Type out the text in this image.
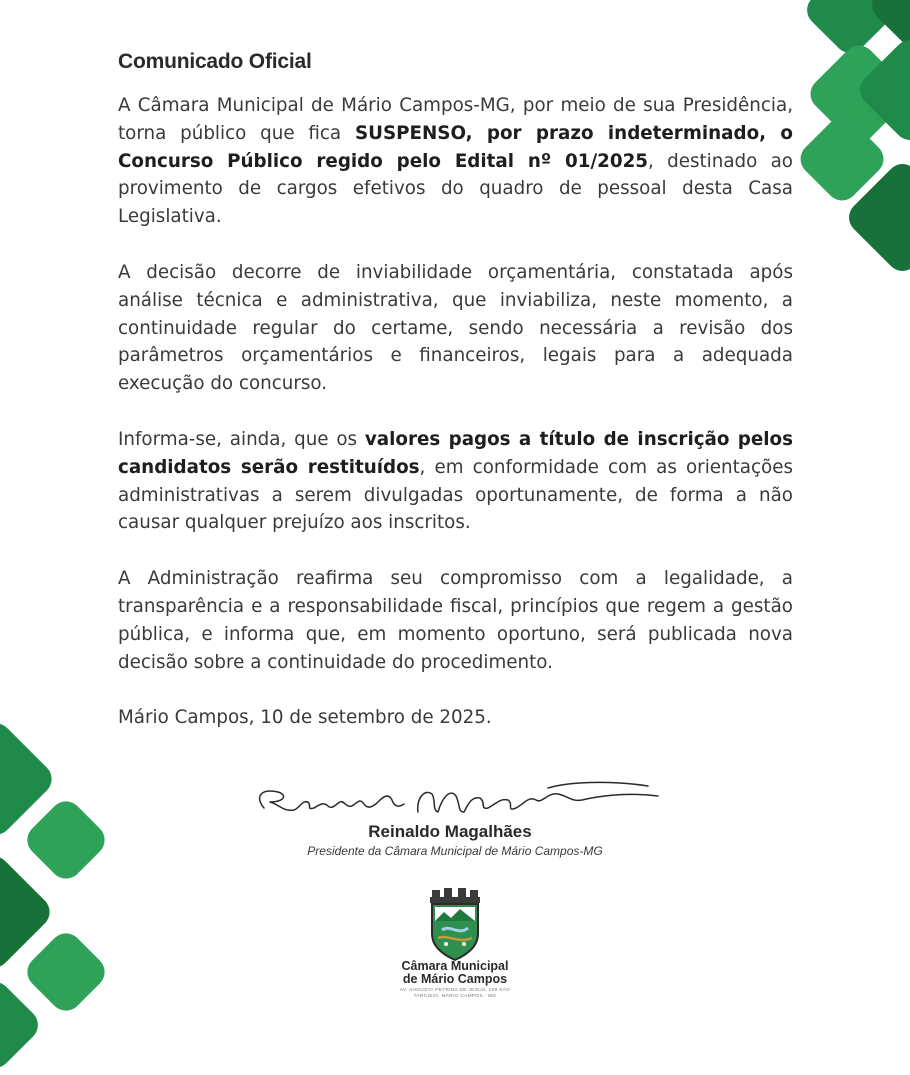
Comunicado Oficial

A Câmara Municipal de Mário Campos-MG, por meio de sua Presidência, torna público que fica SUSPENSO, por prazo indeterminado, o Concurso Público regido pelo Edital nº 01/2025, destinado ao provimento de cargos efetivos do quadro de pessoal desta Casa Legislativa.

A decisão decorre de inviabilidade orçamentária, constatada após análise técnica e administrativa, que inviabiliza, neste momento, a continuidade regular do certame, sendo necessária a revisão dos parâmetros orçamentários e financeiros, legais para a adequada execução do concurso.

Informa-se, ainda, que os valores pagos a título de inscrição pelos candidatos serão restituídos, em conformidade com as orientações administrativas a serem divulgadas oportunamente, de forma a não causar qualquer prejuízo aos inscritos.

A Administração reafirma seu compromisso com a legalidade, a transparência e a responsabilidade fiscal, princípios que regem a gestão pública, e informa que, em momento oportuno, será publicada nova decisão sobre a continuidade do procedimento.

Mário Campos, 10 de setembro de 2025.

Reinaldo Magalhães
Presidente da Câmara Municipal de Mário Campos-MG
Câmara Municipal
de Mário Campos
AV. AUGUSTA PETRINA DE JESUS, 109 SÃO
TARCÍSIO, MARIO CAMPOS - MG
